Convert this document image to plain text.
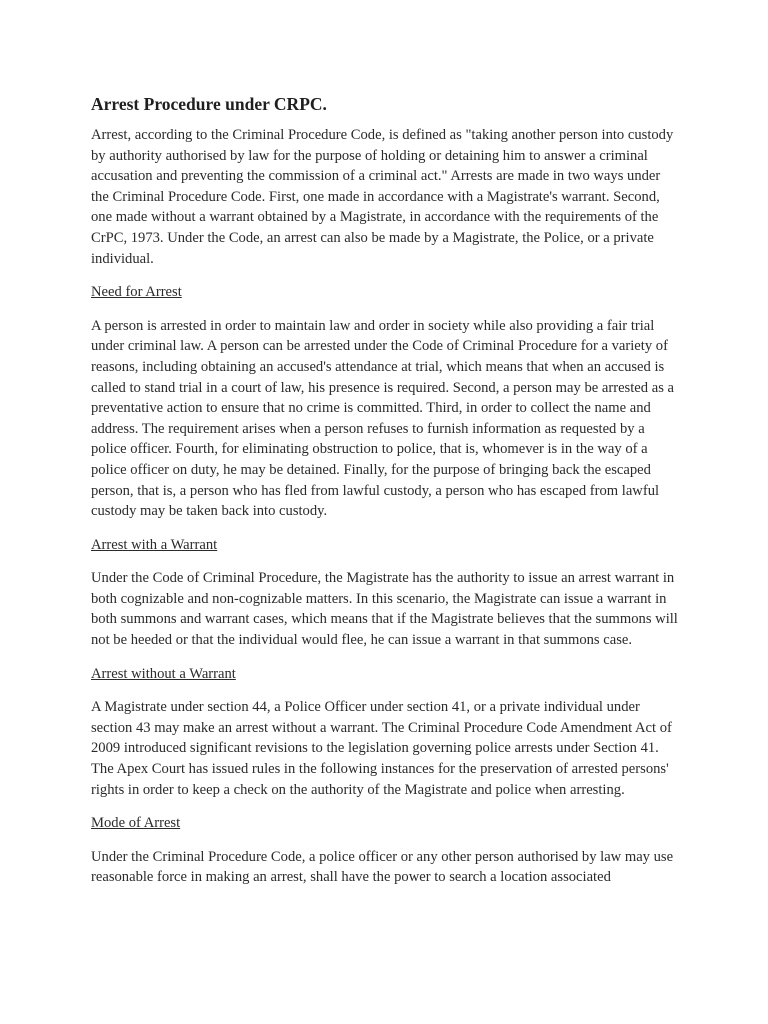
Arrest Procedure under CRPC.

Arrest, according to the Criminal Procedure Code, is defined as "taking another person into custody by authority authorised by law for the purpose of holding or detaining him to answer a criminal accusation and preventing the commission of a criminal act." Arrests are made in two ways under the Criminal Procedure Code. First, one made in accordance with a Magistrate's warrant. Second, one made without a warrant obtained by a Magistrate, in accordance with the requirements of the CrPC, 1973. Under the Code, an arrest can also be made by a Magistrate, the Police, or a private individual.

Need for Arrest

A person is arrested in order to maintain law and order in society while also providing a fair trial under criminal law. A person can be arrested under the Code of Criminal Procedure for a variety of reasons, including obtaining an accused's attendance at trial, which means that when an accused is called to stand trial in a court of law, his presence is required. Second, a person may be arrested as a preventative action to ensure that no crime is committed. Third, in order to collect the name and address. The requirement arises when a person refuses to furnish information as requested by a police officer. Fourth, for eliminating obstruction to police, that is, whomever is in the way of a police officer on duty, he may be detained. Finally, for the purpose of bringing back the escaped person, that is, a person who has fled from lawful custody, a person who has escaped from lawful custody may be taken back into custody.

Arrest with a Warrant

Under the Code of Criminal Procedure, the Magistrate has the authority to issue an arrest warrant in both cognizable and non-cognizable matters. In this scenario, the Magistrate can issue a warrant in both summons and warrant cases, which means that if the Magistrate believes that the summons will not be heeded or that the individual would flee, he can issue a warrant in that summons case.

Arrest without a Warrant

A Magistrate under section 44, a Police Officer under section 41, or a private individual under section 43 may make an arrest without a warrant. The Criminal Procedure Code Amendment Act of 2009 introduced significant revisions to the legislation governing police arrests under Section 41. The Apex Court has issued rules in the following instances for the preservation of arrested persons' rights in order to keep a check on the authority of the Magistrate and police when arresting.

Mode of Arrest

Under the Criminal Procedure Code, a police officer or any other person authorised by law may use reasonable force in making an arrest, shall have the power to search a location associated
